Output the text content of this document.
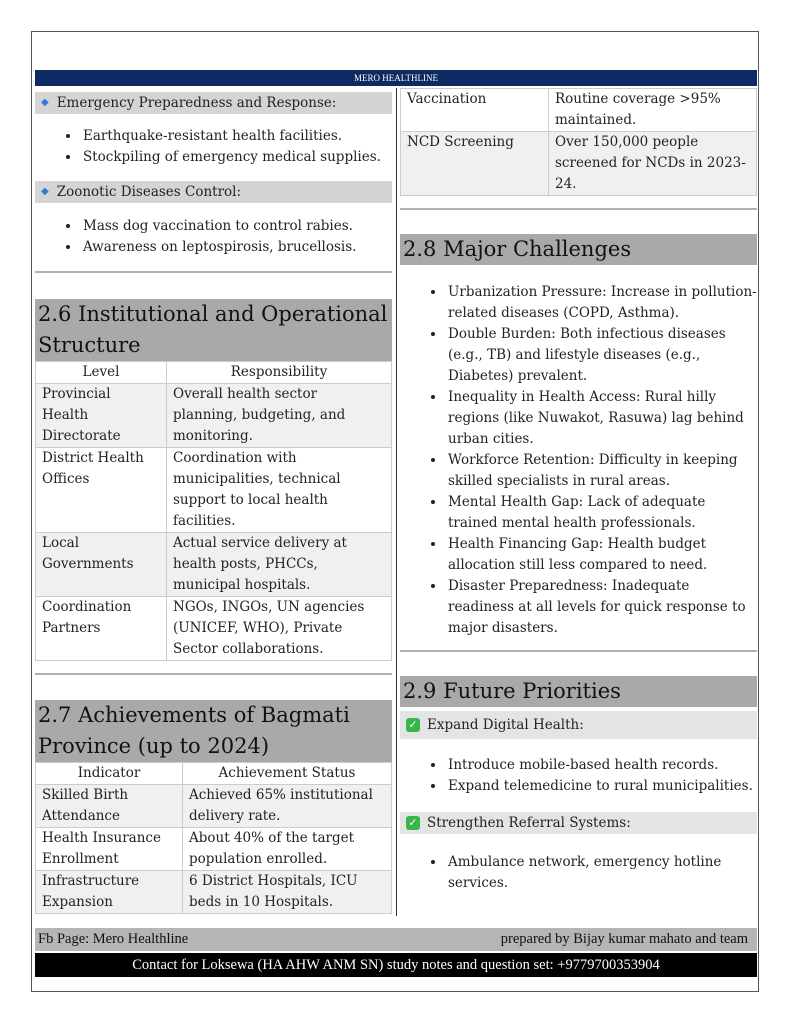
MERO HEALTHLINE
◆ Emergency Preparedness and Response:
• Earthquake-resistant health facilities.
• Stockpiling of emergency medical supplies.
◆ Zoonotic Diseases Control:
• Mass dog vaccination to control rabies.
• Awareness on leptospirosis, brucellosis.
2.6 Institutional and Operational Structure
Level	Responsibility
Provincial Health Directorate	Overall health sector planning, budgeting, and monitoring.
District Health Offices	Coordination with municipalities, technical support to local health facilities.
Local Governments	Actual service delivery at health posts, PHCCs, municipal hospitals.
Coordination Partners	NGOs, INGOs, UN agencies (UNICEF, WHO), Private Sector collaborations.
2.7 Achievements of Bagmati Province (up to 2024)
Indicator	Achievement Status
Skilled Birth Attendance	Achieved 65% institutional delivery rate.
Health Insurance Enrollment	About 40% of the target population enrolled.
Infrastructure Expansion	6 District Hospitals, ICU beds in 10 Hospitals.
Vaccination	Routine coverage >95% maintained.
NCD Screening	Over 150,000 people screened for NCDs in 2023-24.
2.8 Major Challenges
• Urbanization Pressure: Increase in pollution-related diseases (COPD, Asthma).
• Double Burden: Both infectious diseases (e.g., TB) and lifestyle diseases (e.g., Diabetes) prevalent.
• Inequality in Health Access: Rural hilly regions (like Nuwakot, Rasuwa) lag behind urban cities.
• Workforce Retention: Difficulty in keeping skilled specialists in rural areas.
• Mental Health Gap: Lack of adequate trained mental health professionals.
• Health Financing Gap: Health budget allocation still less compared to need.
• Disaster Preparedness: Inadequate readiness at all levels for quick response to major disasters.
2.9 Future Priorities
✓ Expand Digital Health:
• Introduce mobile-based health records.
• Expand telemedicine to rural municipalities.
✓ Strengthen Referral Systems:
• Ambulance network, emergency hotline services.
Fb Page: Mero Healthline	prepared by Bijay kumar mahato and team
Contact for Loksewa (HA AHW ANM SN) study notes and question set: +9779700353904
